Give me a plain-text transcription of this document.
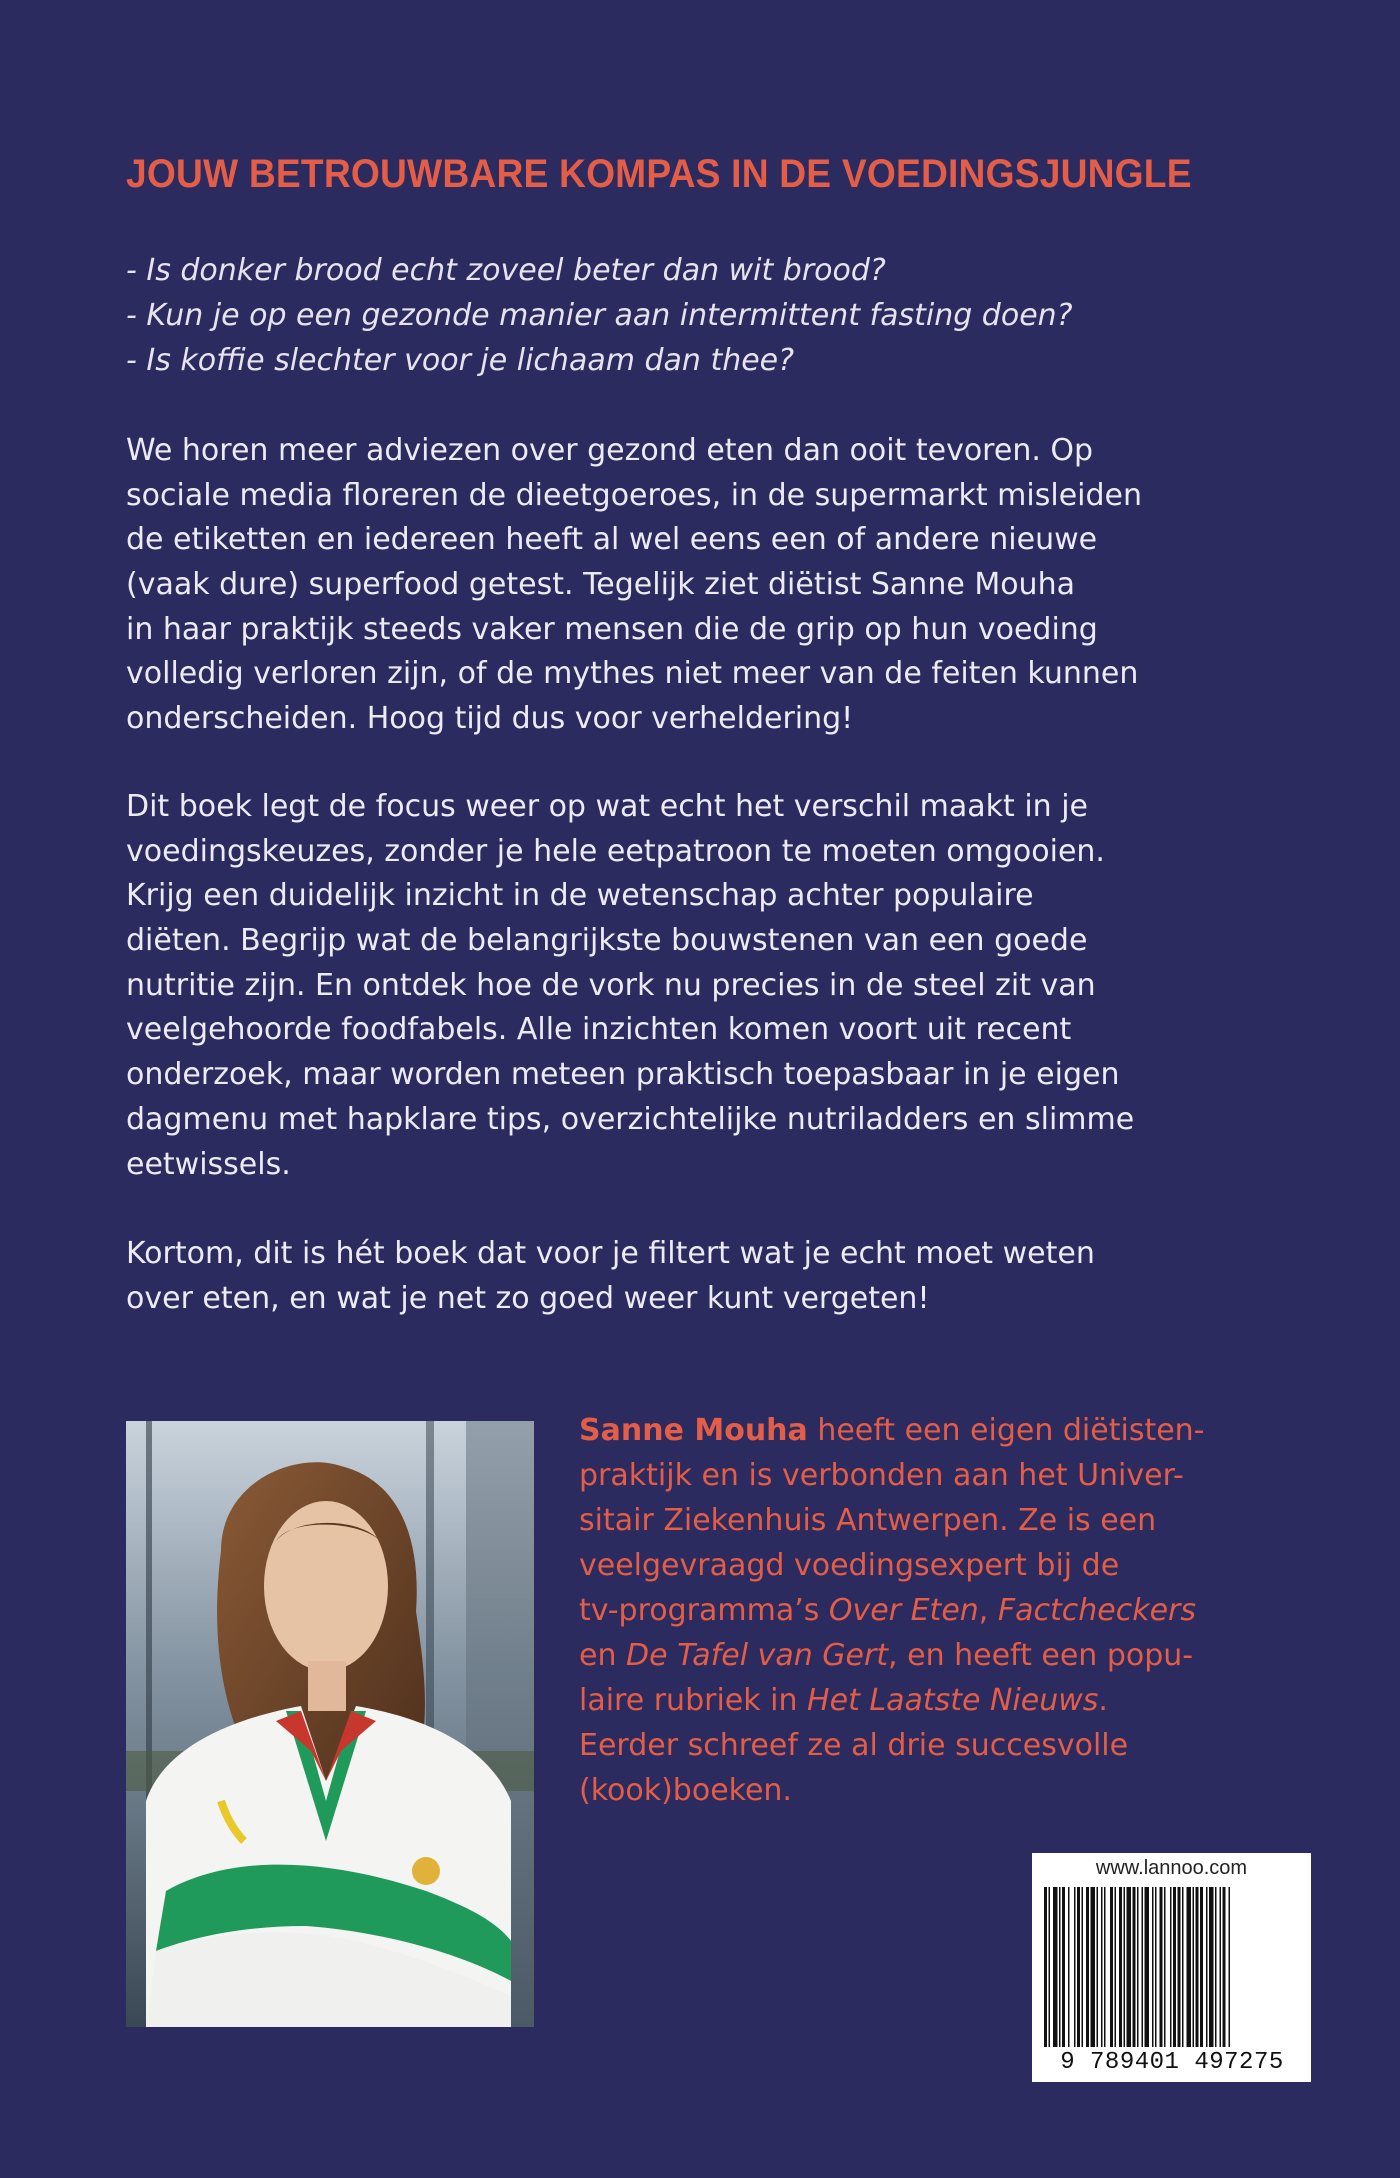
JOUW BETROUWBARE KOMPAS IN DE VOEDINGSJUNGLE
- Is donker brood echt zoveel beter dan wit brood?
- Kun je op een gezonde manier aan intermittent fasting doen?
- Is koffie slechter voor je lichaam dan thee?
We horen meer adviezen over gezond eten dan ooit tevoren. Op
sociale media floreren de dieetgoeroes, in de supermarkt misleiden
de etiketten en iedereen heeft al wel eens een of andere nieuwe
(vaak dure) superfood getest. Tegelijk ziet diëtist Sanne Mouha
in haar praktijk steeds vaker mensen die de grip op hun voeding
volledig verloren zijn, of de mythes niet meer van de feiten kunnen
onderscheiden. Hoog tijd dus voor verheldering!
Dit boek legt de focus weer op wat echt het verschil maakt in je
voedingskeuzes, zonder je hele eetpatroon te moeten omgooien.
Krijg een duidelijk inzicht in de wetenschap achter populaire
diëten. Begrijp wat de belangrijkste bouwstenen van een goede
nutritie zijn. En ontdek hoe de vork nu precies in de steel zit van
veelgehoorde foodfabels. Alle inzichten komen voort uit recent
onderzoek, maar worden meteen praktisch toepasbaar in je eigen
dagmenu met hapklare tips, overzichtelijke nutriladders en slimme
eetwissels.
Kortom, dit is hét boek dat voor je filtert wat je echt moet weten
over eten, en wat je net zo goed weer kunt vergeten!
Sanne Mouha heeft een eigen diëtisten-
praktijk en is verbonden aan het Univer-
sitair Ziekenhuis Antwerpen. Ze is een
veelgevraagd voedingsexpert bij de
tv-programma’s Over Eten, Factcheckers
en De Tafel van Gert, en heeft een popu-
laire rubriek in Het Laatste Nieuws.
Eerder schreef ze al drie succesvolle
(kook)boeken.
www.lannoo.com
9 789401 497275
